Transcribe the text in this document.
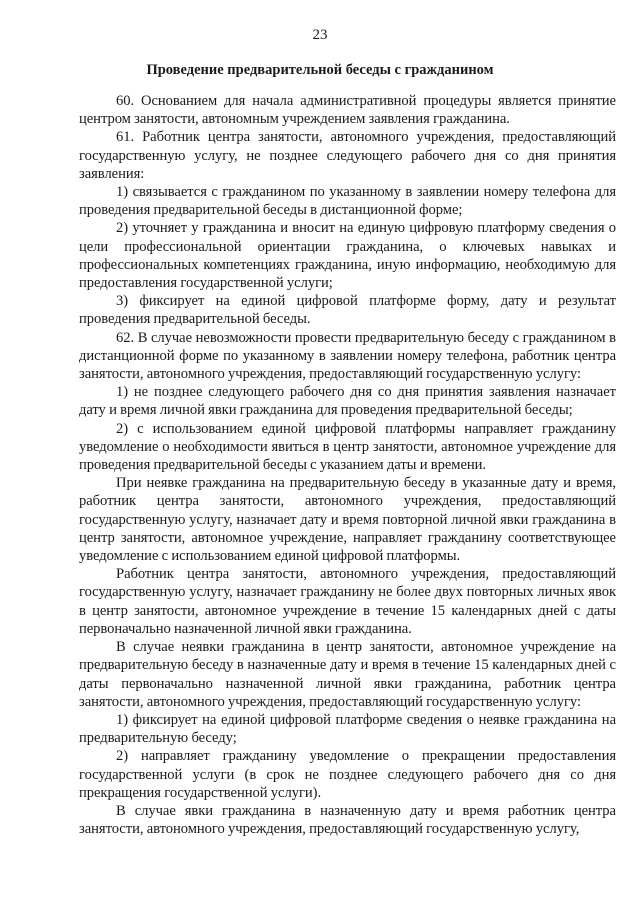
23
Проведение предварительной беседы с гражданином

60. Основанием для начала административной процедуры является принятие центром занятости, автономным учреждением заявления гражданина.

61. Работник центра занятости, автономного учреждения, предоставляющий государственную услугу, не позднее следующего рабочего дня со дня принятия заявления:

1) связывается с гражданином по указанному в заявлении номеру телефона для проведения предварительной беседы в дистанционной форме;

2) уточняет у гражданина и вносит на единую цифровую платформу сведения о цели профессиональной ориентации гражданина, о ключевых навыках и профессиональных компетенциях гражданина, иную информацию, необходимую для предоставления государственной услуги;

3) фиксирует на единой цифровой платформе форму, дату и результат проведения предварительной беседы.

62. В случае невозможности провести предварительную беседу с гражданином в дистанционной форме по указанному в заявлении номеру телефона, работник центра занятости, автономного учреждения, предоставляющий государственную услугу:

1) не позднее следующего рабочего дня со дня принятия заявления назначает дату и время личной явки гражданина для проведения предварительной беседы;

2) с использованием единой цифровой платформы направляет гражданину уведомление о необходимости явиться в центр занятости, автономное учреждение для проведения предварительной беседы с указанием даты и времени.

При неявке гражданина на предварительную беседу в указанные дату и время, работник центра занятости, автономного учреждения, предоставляющий государственную услугу, назначает дату и время повторной личной явки гражданина в центр занятости, автономное учреждение, направляет гражданину соответствующее уведомление с использованием единой цифровой платформы.

Работник центра занятости, автономного учреждения, предоставляющий государственную услугу, назначает гражданину не более двух повторных личных явок в центр занятости, автономное учреждение в течение 15 календарных дней с даты первоначально назначенной личной явки гражданина.

В случае неявки гражданина в центр занятости, автономное учреждение на предварительную беседу в назначенные дату и время в течение 15 календарных дней с даты первоначально назначенной личной явки гражданина, работник центра занятости, автономного учреждения, предоставляющий государственную услугу:

1) фиксирует на единой цифровой платформе сведения о неявке гражданина на предварительную беседу;

2) направляет гражданину уведомление о прекращении предоставления государственной услуги (в срок не позднее следующего рабочего дня со дня прекращения государственной услуги).

В случае явки гражданина в назначенную дату и время работник центра занятости, автономного учреждения, предоставляющий государственную услугу,
